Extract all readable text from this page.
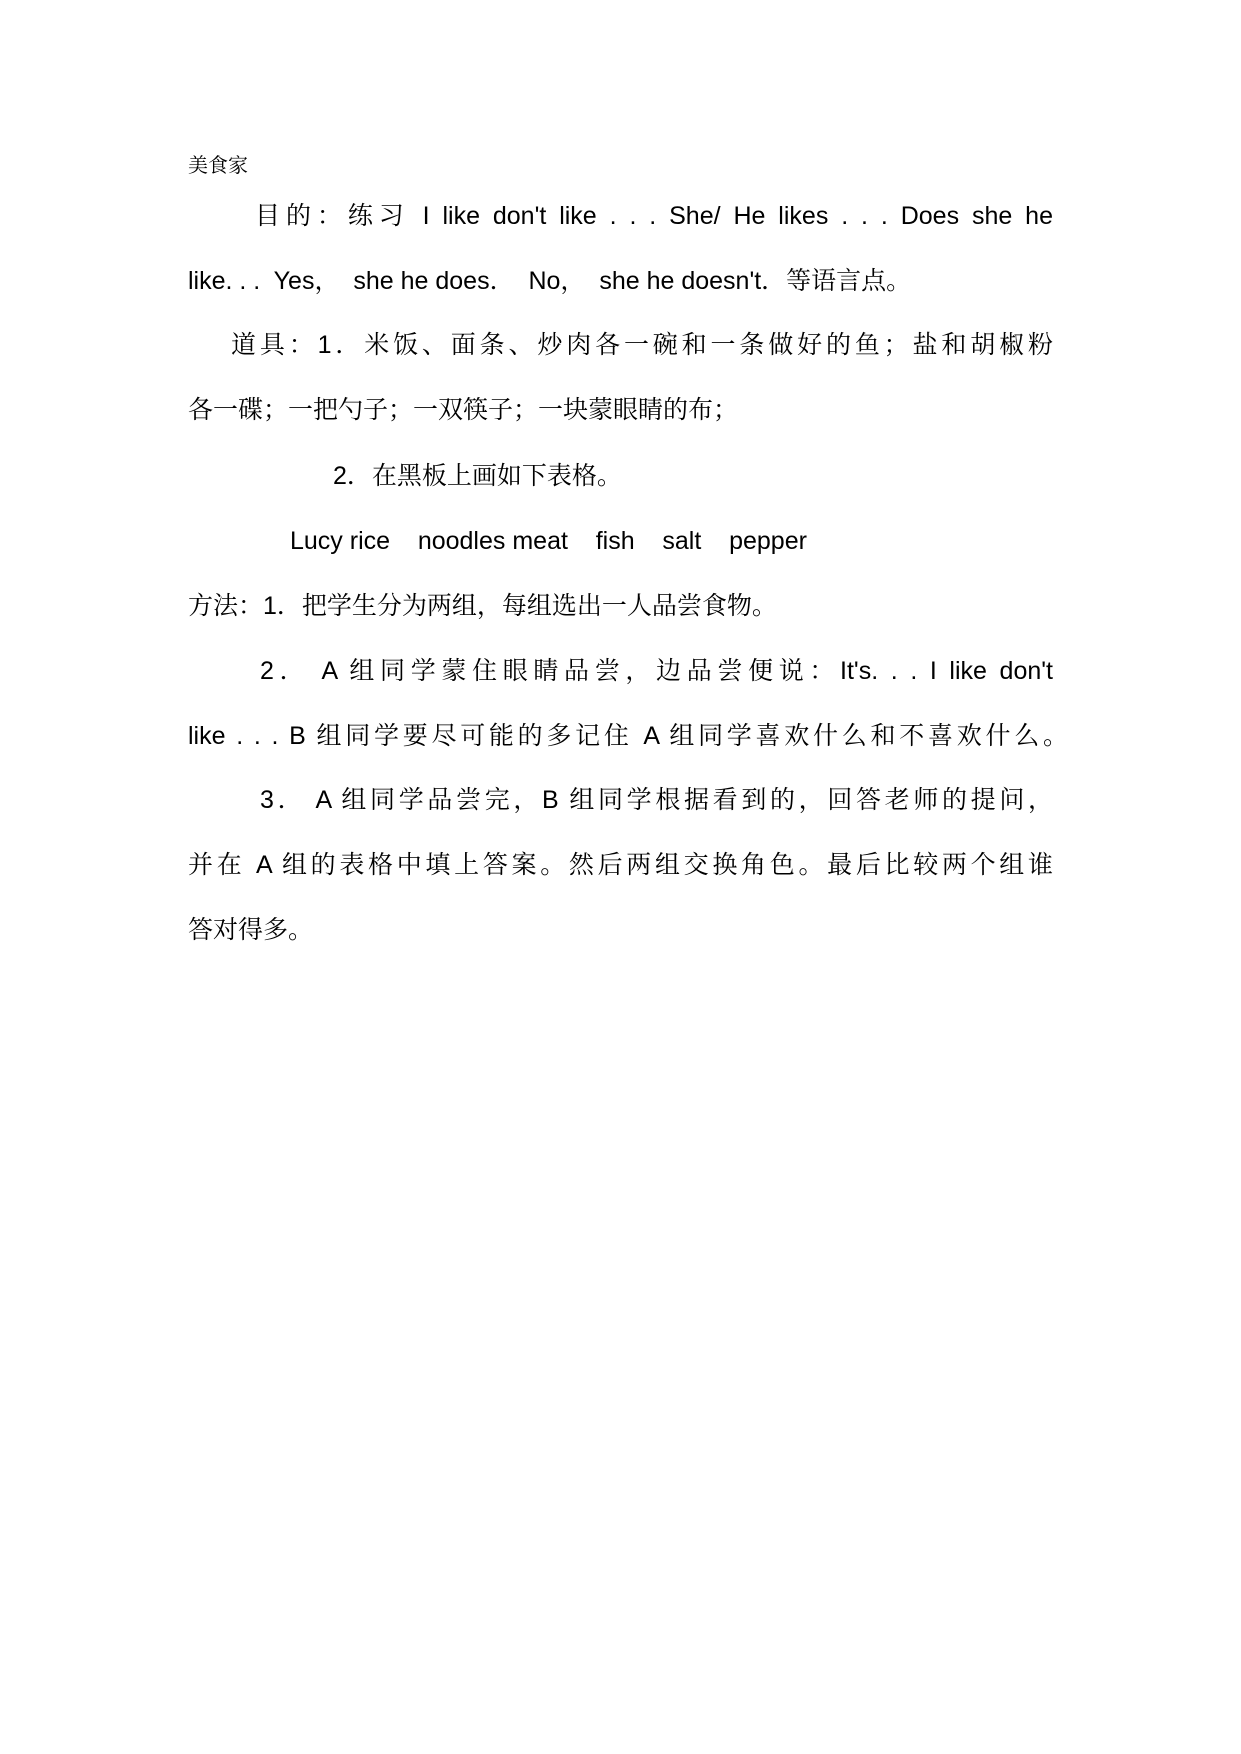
美食家
目的：练习 I like don't like . . . She/ He likes . . . Does she he
like. . .  Yes，  she he does．  No，  she he doesn't．等语言点。
道具：1．米饭、面条、炒肉各一碗和一条做好的鱼；盐和胡椒粉
各一碟；一把勺子；一双筷子；一块蒙眼睛的布；
2．在黑板上画如下表格。
Lucy rice    noodles meat    fish    salt    pepper
方法：1．把学生分为两组，每组选出一人品尝食物。
2． A 组同学蒙住眼睛品尝，边品尝便说：It's. . . I like don't
like . . . B 组同学要尽可能的多记住 A 组同学喜欢什么和不喜欢什么。
3． A 组同学品尝完，B 组同学根据看到的，回答老师的提问，
并在 A 组的表格中填上答案。然后两组交换角色。最后比较两个组谁
答对得多。
